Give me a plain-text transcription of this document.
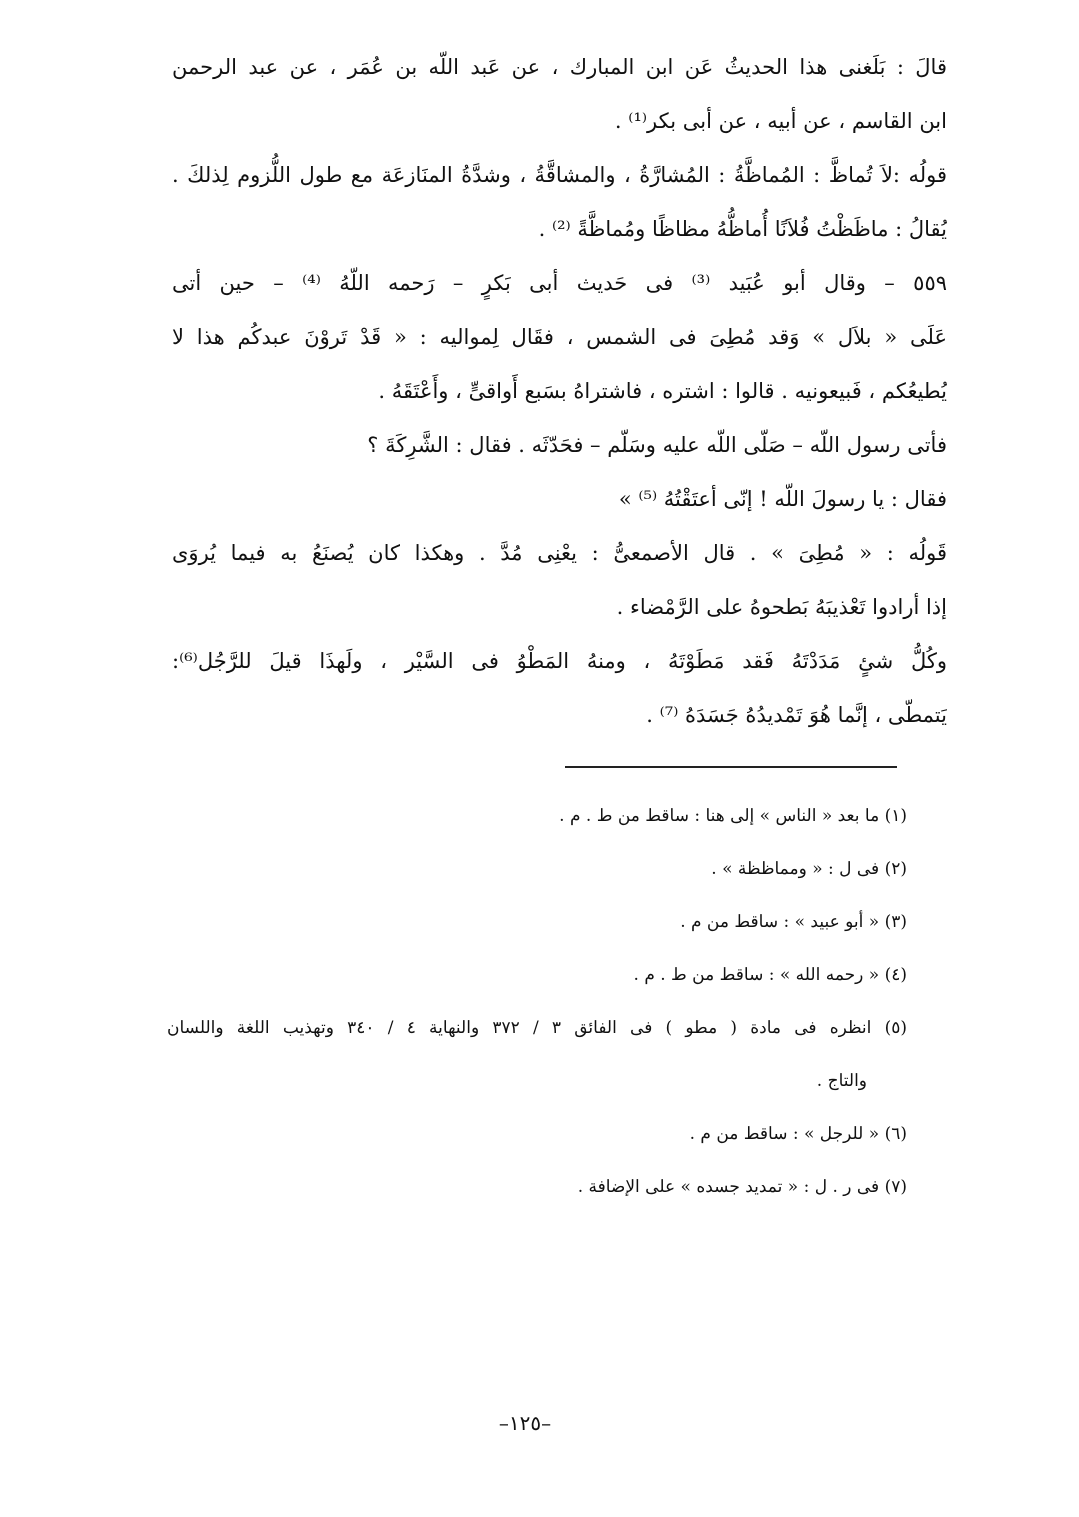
قالَ : بَلَغنى هذا الحديثُ عَن ابن المبارك ، عن عَبد اللّه بن عُمَر ، عن عبد الرحمن
ابن القاسم ، عن أبيه ، عن أبى بكر⁽¹⁾ .
قولُه :لاَ تُماظَّ : المُماظَّةُ : المُشارَّةُ ، والمشاقَّةُ ، وشدَّةُ المنَازعَة مع طول اللُّزوم لِذلكَ .
يُقالُ : ماظَظْتُ فُلاَنًا أُماظُّهُ مظاظًا ومُماظَّةً ⁽²⁾ .
٥٥٩ – وقال أبو عُبَيد ⁽³⁾ فى حَديث أبى بَكرٍ – رَحمه اللّهُ ⁽⁴⁾ – حين أتى
عَلَى « بلاَل » وَقد مُطِىَ فى الشمس ، فقَال لِمواليه : « قَدْ تَروْنَ عبدكُم هذا لا
يُطيعُكم ، فَبيعونيه . قالوا : اشتره ، فاشتراهُ بسَبع أَواقىٍّ ، وأَعْتَقَهُ .
فأتى رسول اللّه – صَلّى اللّه عليه وسَلّم – فحَدّثَه . فقال : الشَّرِكَةَ ؟
فقال : يا رسولَ اللّه ! إنّى أعتَقْتُهُ ⁽⁵⁾ »
قَولُه : « مُطِىَ » . قال الأصمعىُّ : يعْنِى مُدَّ . وهكذا كان يُصنَعُ به فيما يُروَى
إذا أرادوا تَعْذيبَهُ بَطحوهُ على الرَّمْضاء .
وكُلُّ شئٍ مَدَدْتَهُ فَقد مَطَوْتَهُ ، ومنهُ المَطْوُ فى السَّيْر ، ولَهذَا قيلَ للرَّجُل⁽⁶⁾:
يَتمطّى ، إنَّما هُوَ تَمْديدُهُ جَسَدَهُ ⁽⁷⁾ .
(١) ما بعد « الناس » إلى هنا : ساقط من ط . م .
(٢) فى ل : « ومماظظة » .
(٣) « أبو عبيد » : ساقط من م .
(٤) « رحمه الله » : ساقط من ط . م .
(٥) انظره فى مادة ( مطو ) فى الفائق ٣ / ٣٧٢ والنهاية ٤ / ٣٤٠ وتهذيب اللغة واللسان
والتاج .
(٦) « للرجل » : ساقط من م .
(٧) فى ر . ل : « تمديد جسده » على الإضافة .
–١٢٥–
